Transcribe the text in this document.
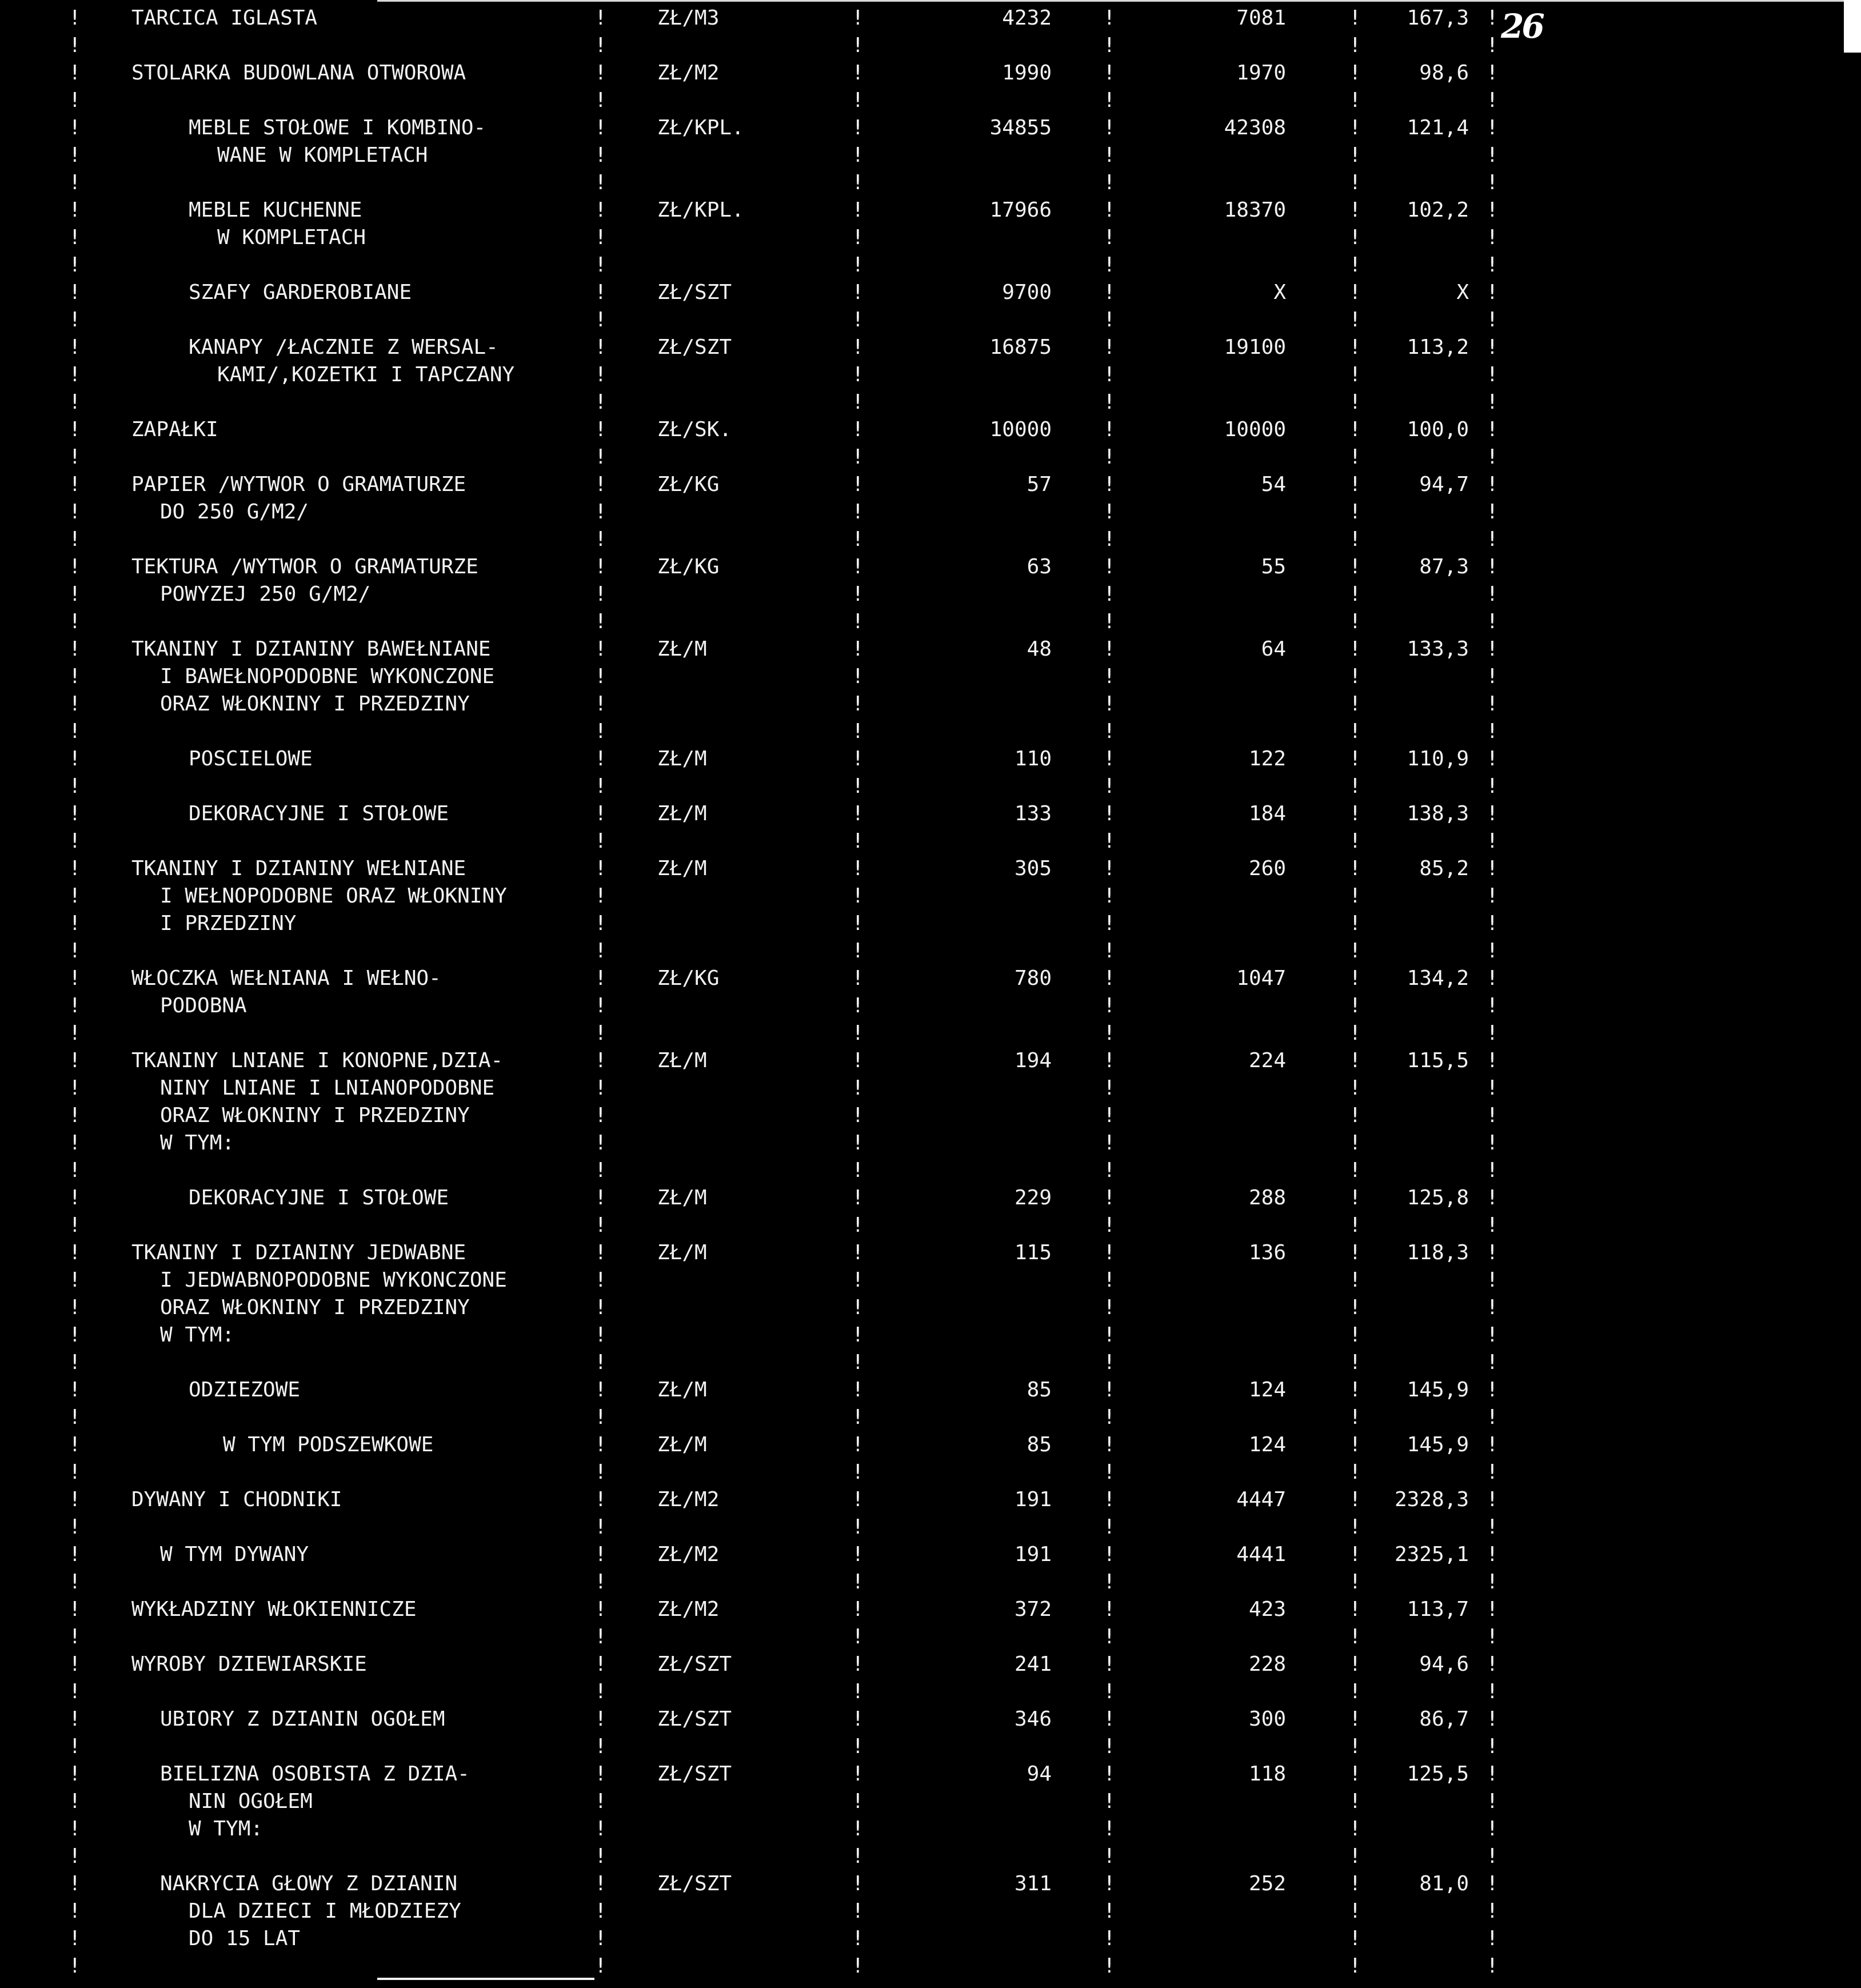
26
TARCICA IGLASTA	ZŁ/M3	4232	7081	167,3
!	!	!	!	!	!
!	!	!	!	!	!
STOLARKA BUDOWLANA OTWOROWA	ZŁ/M2	1990	1970	98,6
!	!	!	!	!	!
!	!	!	!	!	!
MEBLE STOŁOWE I KOMBINO-
WANE W KOMPLETACH
ZŁ/KPL.	34855	42308	121,4
!	!	!	!	!	!
!	!	!	!	!	!
!	!	!	!	!	!
MEBLE KUCHENNE
W KOMPLETACH
ZŁ/KPL.	17966	18370	102,2
!	!	!	!	!	!
!	!	!	!	!	!
!	!	!	!	!	!
SZAFY GARDEROBIANE	ZŁ/SZT	9700	X	X
!	!	!	!	!	!
!	!	!	!	!	!
KANAPY /ŁACZNIE Z WERSAL-
KAMI/,KOZETKI I TAPCZANY
ZŁ/SZT	16875	19100	113,2
!	!	!	!	!	!
!	!	!	!	!	!
!	!	!	!	!	!
ZAPAŁKI	ZŁ/SK.	10000	10000	100,0
!	!	!	!	!	!
!	!	!	!	!	!
PAPIER /WYTWOR O GRAMATURZE
DO 250 G/M2/
ZŁ/KG	57	54	94,7
!	!	!	!	!	!
!	!	!	!	!	!
!	!	!	!	!	!
TEKTURA /WYTWOR O GRAMATURZE
POWYZEJ 250 G/M2/
ZŁ/KG	63	55	87,3
!	!	!	!	!	!
!	!	!	!	!	!
!	!	!	!	!	!
TKANINY I DZIANINY BAWEŁNIANE
I BAWEŁNOPODOBNE WYKONCZONE
ORAZ WŁOKNINY I PRZEDZINY
ZŁ/M	48	64	133,3
!	!	!	!	!	!
!	!	!	!	!	!
!	!	!	!	!	!
!	!	!	!	!	!
POSCIELOWE	ZŁ/M	110	122	110,9
!	!	!	!	!	!
!	!	!	!	!	!
DEKORACYJNE I STOŁOWE	ZŁ/M	133	184	138,3
!	!	!	!	!	!
!	!	!	!	!	!
TKANINY I DZIANINY WEŁNIANE
I WEŁNOPODOBNE ORAZ WŁOKNINY
I PRZEDZINY
ZŁ/M	305	260	85,2
!	!	!	!	!	!
!	!	!	!	!	!
!	!	!	!	!	!
!	!	!	!	!	!
WŁOCZKA WEŁNIANA I WEŁNO-
PODOBNA
ZŁ/KG	780	1047	134,2
!	!	!	!	!	!
!	!	!	!	!	!
!	!	!	!	!	!
TKANINY LNIANE I KONOPNE,DZIA-
NINY LNIANE I LNIANOPODOBNE
ORAZ WŁOKNINY I PRZEDZINY
W TYM:
ZŁ/M	194	224	115,5
!	!	!	!	!	!
!	!	!	!	!	!
!	!	!	!	!	!
!	!	!	!	!	!
!	!	!	!	!	!
DEKORACYJNE I STOŁOWE	ZŁ/M	229	288	125,8
!	!	!	!	!	!
!	!	!	!	!	!
TKANINY I DZIANINY JEDWABNE
I JEDWABNOPODOBNE WYKONCZONE
ORAZ WŁOKNINY I PRZEDZINY
W TYM:
ZŁ/M	115	136	118,3
!	!	!	!	!	!
!	!	!	!	!	!
!	!	!	!	!	!
!	!	!	!	!	!
!	!	!	!	!	!
ODZIEZOWE	ZŁ/M	85	124	145,9
!	!	!	!	!	!
!	!	!	!	!	!
W TYM PODSZEWKOWE	ZŁ/M	85	124	145,9
!	!	!	!	!	!
!	!	!	!	!	!
DYWANY I CHODNIKI	ZŁ/M2	191	4447	2328,3
!	!	!	!	!	!
!	!	!	!	!	!
W TYM DYWANY	ZŁ/M2	191	4441	2325,1
!	!	!	!	!	!
!	!	!	!	!	!
WYKŁADZINY WŁOKIENNICZE	ZŁ/M2	372	423	113,7
!	!	!	!	!	!
!	!	!	!	!	!
WYROBY DZIEWIARSKIE	ZŁ/SZT	241	228	94,6
!	!	!	!	!	!
!	!	!	!	!	!
UBIORY Z DZIANIN OGOŁEM	ZŁ/SZT	346	300	86,7
!	!	!	!	!	!
!	!	!	!	!	!
BIELIZNA OSOBISTA Z DZIA-
NIN OGOŁEM
W TYM:
ZŁ/SZT	94	118	125,5
!	!	!	!	!	!
!	!	!	!	!	!
!	!	!	!	!	!
!	!	!	!	!	!
NAKRYCIA GŁOWY Z DZIANIN
DLA DZIECI I MŁODZIEZY
DO 15 LAT
ZŁ/SZT	311	252	81,0
!	!	!	!	!	!
!	!	!	!	!	!
!	!	!	!	!	!
!	!	!	!	!	!
